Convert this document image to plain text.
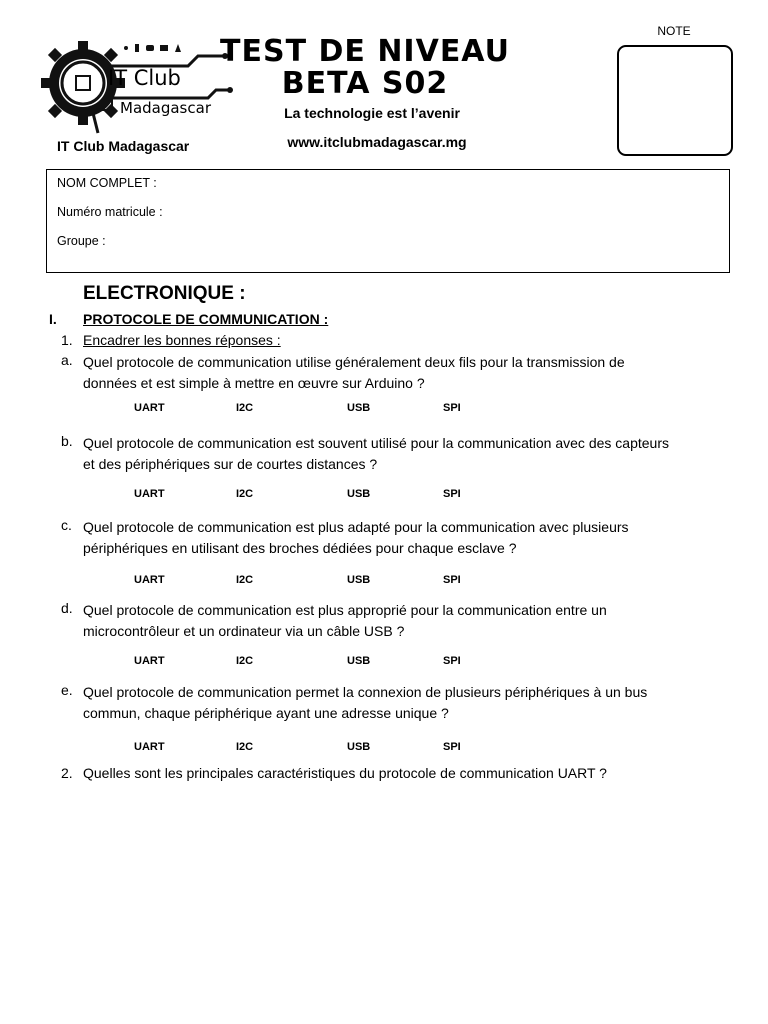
IT Club
Madagascar
IT Club Madagascar
TEST DE NIVEAU
BETA S02
La technologie est l’avenir
www.itclubmadagascar.mg
NOTE
NOM COMPLET :
Numéro matricule :
Groupe :
ELECTRONIQUE :
I. PROTOCOLE DE COMMUNICATION :
1. Encadrer les bonnes réponses :
a. Quel protocole de communication utilise généralement deux fils pour la transmission de
données et est simple à mettre en œuvre sur Arduino ?
UART	I2C	USB	SPI
b. Quel protocole de communication est souvent utilisé pour la communication avec des capteurs
et des périphériques sur de courtes distances ?
UART	I2C	USB	SPI
c. Quel protocole de communication est plus adapté pour la communication avec plusieurs
périphériques en utilisant des broches dédiées pour chaque esclave ?
UART	I2C	USB	SPI
d. Quel protocole de communication est plus approprié pour la communication entre un
microcontrôleur et un ordinateur via un câble USB ?
UART	I2C	USB	SPI
e. Quel protocole de communication permet la connexion de plusieurs périphériques à un bus
commun, chaque périphérique ayant une adresse unique ?
UART	I2C	USB	SPI
2. Quelles sont les principales caractéristiques du protocole de communication UART ?
